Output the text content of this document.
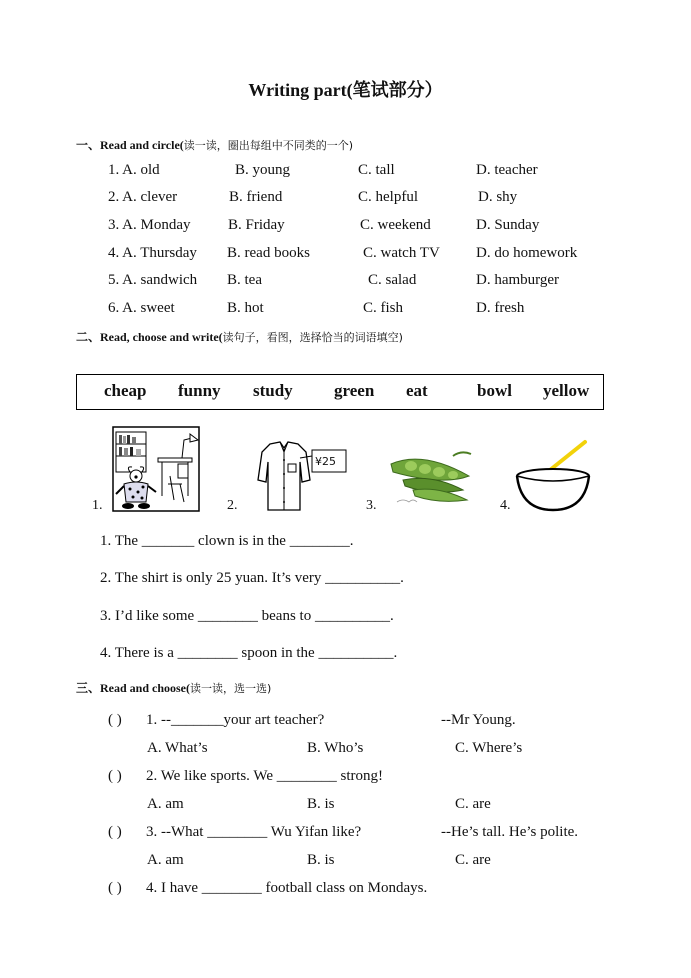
Writing part(笔试部分）
一、Read and circle(读一读，圈出每组中不同类的一个)
1. A. old	B. young	C. tall	D. teacher
2. A. clever	B. friend	C. helpful	D. shy
3. A. Monday	B. Friday	C. weekend	D. Sunday
4. A. Thursday B. read books	C. watch TV D. do homework
5. A. sandwich B. tea	C. salad	D. hamburger
6. A. sweet	B. hot	C. fish	D. fresh
二、Read, choose and write(读句子，看图，选择恰当的词语填空)
cheap funny study green eat	bowl yellow
1.	2.	3.	4.
¥25
1. The _______ clown is in the ________.
2. The shirt is only 25 yuan. It’s very __________.
3. I’d like some ________ beans to __________.
4. There is a ________ spoon in the __________.
三、Read and choose(读一读，选一选)
( ) 1. --_______your art teacher?	--Mr Young.
A. What’s	B. Who’s	C. Where’s
( ) 2. We like sports. We ________ strong!
A. am	B. is	C. are
( ) 3. --What ________ Wu Yifan like?	--He’s tall. He’s polite.
A. am	B. is	C. are
( ) 4. I have ________ football class on Mondays.
